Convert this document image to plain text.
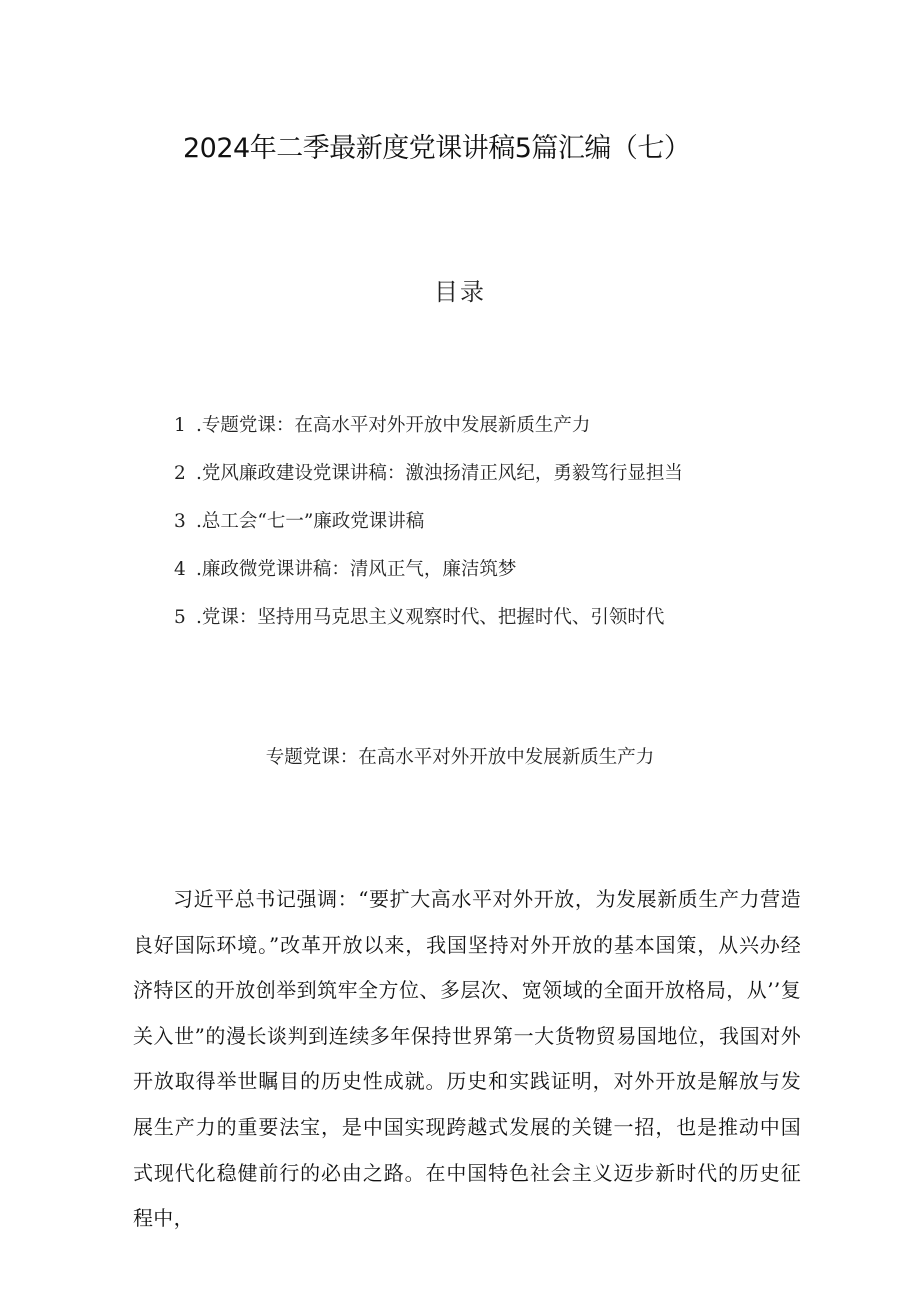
2024年二季最新度党课讲稿5篇汇编（七）
目录
1 .专题党课：在高水平对外开放中发展新质生产力
2 .党风廉政建设党课讲稿：激浊扬清正风纪，勇毅笃行显担当
3 .总工会“七一”廉政党课讲稿
4 .廉政微党课讲稿：清风正气，廉洁筑梦
5 .党课：坚持用马克思主义观察时代、把握时代、引领时代
专题党课：在高水平对外开放中发展新质生产力

习近平总书记强调：“要扩大高水平对外开放，为发展新质生产力营造良好国际环境。”改革开放以来，我国坚持对外开放的基本国策，从兴办经济特区的开放创举到筑牢全方位、多层次、宽领域的全面开放格局，从’’复关入世”的漫长谈判到连续多年保持世界第一大货物贸易国地位，我国对外开放取得举世瞩目的历史性成就。历史和实践证明，对外开放是解放与发展生产力的重要法宝，是中国实现跨越式发展的关键一招，也是推动中国式现代化稳健前行的必由之路。在中国特色社会主义迈步新时代的历史征程中，
